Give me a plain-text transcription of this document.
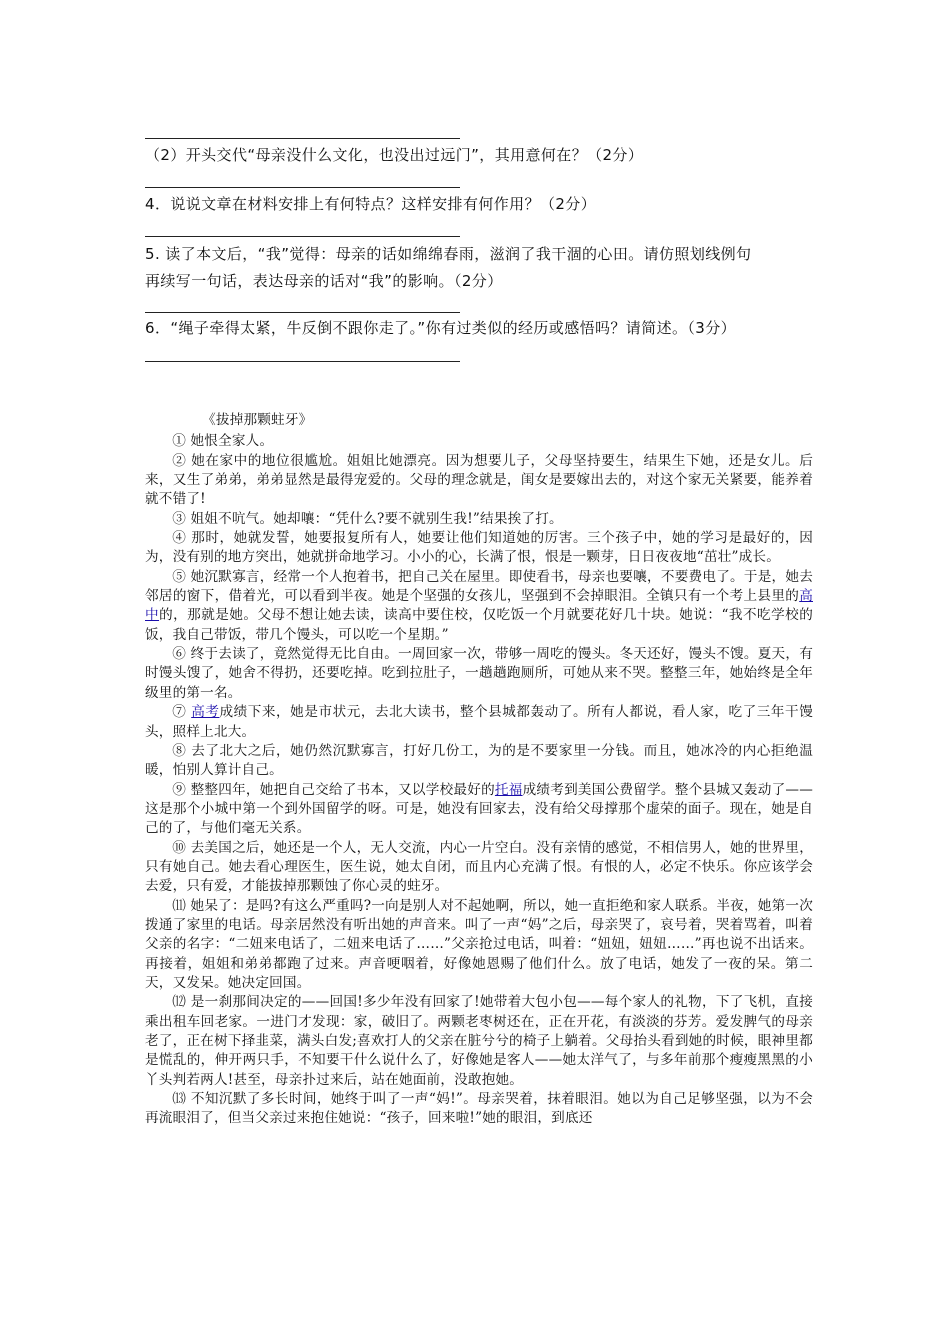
（2）开头交代“母亲没什么文化，也没出过远门”，其用意何在？（2分）
4．说说文章在材料安排上有何特点？这样安排有何作用？（2分）
5. 读了本文后，“我”觉得：母亲的话如绵绵春雨，滋润了我干涸的心田。请仿照划线例句
再续写一句话，表达母亲的话对“我”的影响。（2分）
6．“绳子牵得太紧，牛反倒不跟你走了。”你有过类似的经历或感悟吗？请简述。（3分）

《拔掉那颗蛀牙》

① 她恨全家人。

② 她在家中的地位很尴尬。姐姐比她漂亮。因为想要儿子，父母坚持要生，结果生下她，还是女儿。后来，又生了弟弟，弟弟显然是最得宠爱的。父母的理念就是，闺女是要嫁出去的，对这个家无关紧要，能养着就不错了!

③ 姐姐不吭气。她却嚷：“凭什么?要不就别生我!”结果挨了打。

④ 那时，她就发誓，她要报复所有人，她要让他们知道她的厉害。三个孩子中，她的学习是最好的，因为，没有别的地方突出，她就拼命地学习。小小的心，长满了恨，恨是一颗芽，日日夜夜地“茁壮”成长。

⑤ 她沉默寡言，经常一个人抱着书，把自己关在屋里。即使看书，母亲也要嚷，不要费电了。于是，她去邻居的窗下，借着光，可以看到半夜。她是个坚强的女孩儿，坚强到不会掉眼泪。全镇只有一个考上县里的高中的，那就是她。父母不想让她去读，读高中要住校，仅吃饭一个月就要花好几十块。她说：“我不吃学校的饭，我自己带饭，带几个馒头，可以吃一个星期。”

⑥ 终于去读了，竟然觉得无比自由。一周回家一次，带够一周吃的馒头。冬天还好，馒头不馊。夏天，有时馒头馊了，她舍不得扔，还要吃掉。吃到拉肚子，一趟趟跑厕所，可她从来不哭。整整三年，她始终是全年级里的第一名。

⑦ 高考成绩下来，她是市状元，去北大读书，整个县城都轰动了。所有人都说，看人家，吃了三年干馒头，照样上北大。

⑧ 去了北大之后，她仍然沉默寡言，打好几份工，为的是不要家里一分钱。而且，她冰冷的内心拒绝温暖，怕别人算计自己。

⑨ 整整四年，她把自己交给了书本，又以学校最好的托福成绩考到美国公费留学。整个县城又轰动了——这是那个小城中第一个到外国留学的呀。可是，她没有回家去，没有给父母撑那个虚荣的面子。现在，她是自己的了，与他们毫无关系。

⑩ 去美国之后，她还是一个人，无人交流，内心一片空白。没有亲情的感觉，不相信男人，她的世界里，只有她自己。她去看心理医生，医生说，她太自闭，而且内心充满了恨。有恨的人，必定不快乐。你应该学会去爱，只有爱，才能拔掉那颗蚀了你心灵的蛀牙。

⑾ 她呆了：是吗?有这么严重吗?一向是别人对不起她啊，所以，她一直拒绝和家人联系。半夜，她第一次拨通了家里的电话。母亲居然没有听出她的声音来。叫了一声“妈”之后，母亲哭了，哀号着，哭着骂着，叫着父亲的名字：“二妞来电话了，二妞来电话了……”父亲抢过电话，叫着：“妞妞，妞妞……”再也说不出话来。再接着，姐姐和弟弟都跑了过来。声音哽咽着，好像她恩赐了他们什么。放了电话，她发了一夜的呆。第二天，又发呆。她决定回国。

⑿ 是一刹那间决定的——回国!多少年没有回家了!她带着大包小包——每个家人的礼物，下了飞机，直接乘出租车回老家。一进门才发现：家，破旧了。两颗老枣树还在，正在开花，有淡淡的芬芳。爱发脾气的母亲老了，正在树下择韭菜，满头白发;喜欢打人的父亲在脏兮兮的椅子上躺着。父母抬头看到她的时候，眼神里都是慌乱的，伸开两只手，不知要干什么说什么了，好像她是客人——她太洋气了，与多年前那个瘦瘦黑黑的小丫头判若两人!甚至，母亲扑过来后，站在她面前，没敢抱她。

⒀ 不知沉默了多长时间，她终于叫了一声“妈!”。母亲哭着，抹着眼泪。她以为自己足够坚强，以为不会再流眼泪了，但当父亲过来抱住她说：“孩子，回来啦!”她的眼泪，到底还
